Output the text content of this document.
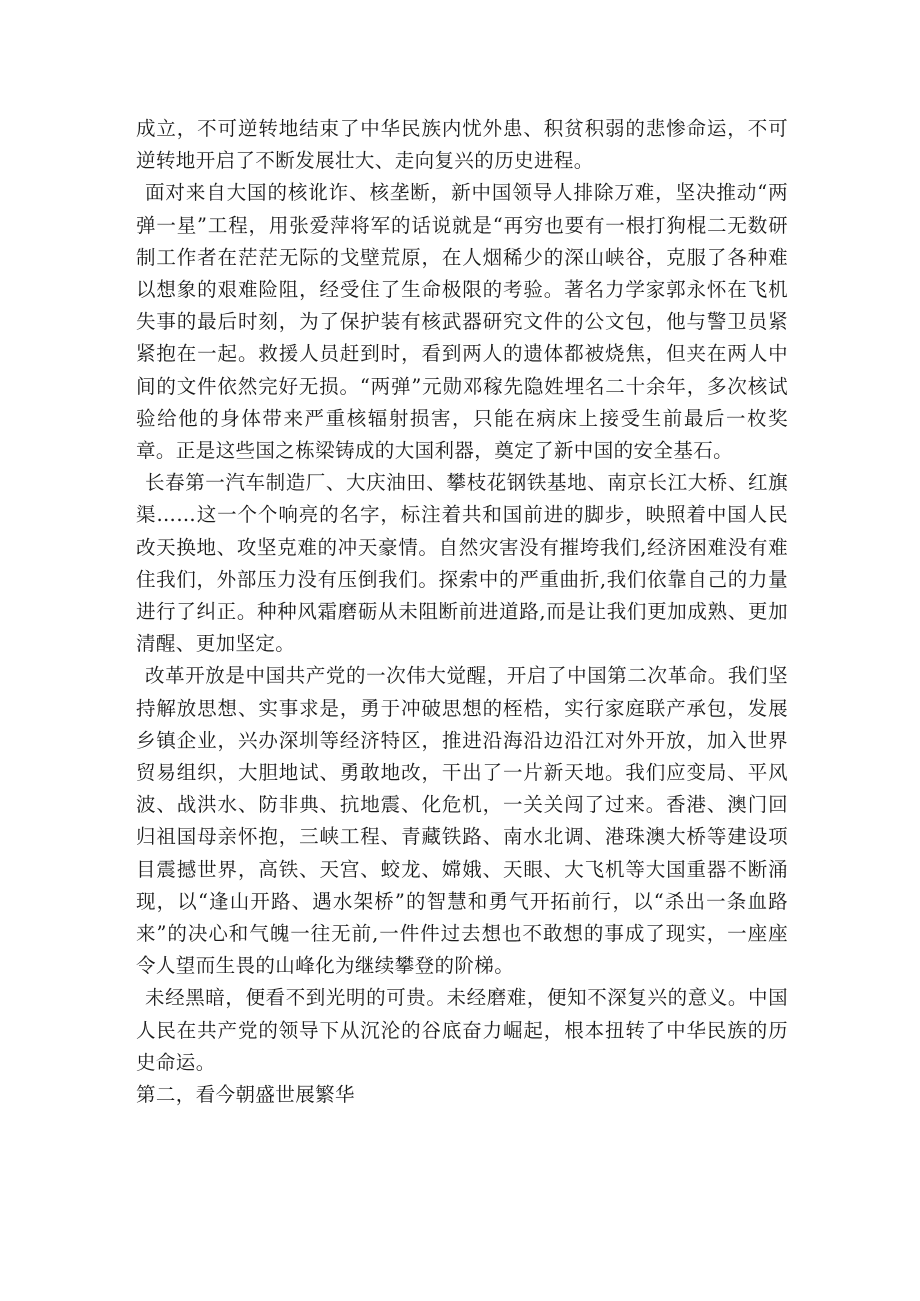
成立，不可逆转地结束了中华民族内忧外患、积贫积弱的悲惨命运，不可逆转地开启了不断发展壮大、走向复兴的历史进程。

面对来自大国的核讹诈、核垄断，新中国领导人排除万难，坚决推动“两弹一星”工程，用张爱萍将军的话说就是“再穷也要有一根打狗棍二无数研制工作者在茫茫无际的戈壁荒原，在人烟稀少的深山峡谷，克服了各种难以想象的艰难险阻，经受住了生命极限的考验。著名力学家郭永怀在飞机失事的最后时刻，为了保护装有核武器研究文件的公文包，他与警卫员紧紧抱在一起。救援人员赶到时，看到两人的遗体都被烧焦，但夹在两人中间的文件依然完好无损。“两弹”元勋邓稼先隐姓埋名二十余年，多次核试验给他的身体带来严重核辐射损害，只能在病床上接受生前最后一枚奖章。正是这些国之栋梁铸成的大国利器，奠定了新中国的安全基石。

长春第一汽车制造厂、大庆油田、攀枝花钢铁基地、南京长江大桥、红旗渠……这一个个响亮的名字，标注着共和国前进的脚步，映照着中国人民改天换地、攻坚克难的冲天豪情。自然灾害没有摧垮我们,经济困难没有难住我们，外部压力没有压倒我们。探索中的严重曲折,我们依靠自己的力量进行了纠正。种种风霜磨砺从未阻断前进道路,而是让我们更加成熟、更加清醒、更加坚定。

改革开放是中国共产党的一次伟大觉醒，开启了中国第二次革命。我们坚持解放思想、实事求是，勇于冲破思想的桎梏，实行家庭联产承包，发展乡镇企业，兴办深圳等经济特区，推进沿海沿边沿江对外开放，加入世界贸易组织，大胆地试、勇敢地改，干出了一片新天地。我们应变局、平风波、战洪水、防非典、抗地震、化危机，一关关闯了过来。香港、澳门回归祖国母亲怀抱，三峡工程、青藏铁路、南水北调、港珠澳大桥等建设项目震撼世界，高铁、天宫、蛟龙、嫦娥、天眼、大飞机等大国重器不断涌现，以“逢山开路、遇水架桥”的智慧和勇气开拓前行，以“杀出一条血路来”的决心和气魄一往无前,一件件过去想也不敢想的事成了现实，一座座令人望而生畏的山峰化为继续攀登的阶梯。

未经黑暗，便看不到光明的可贵。未经磨难，便知不深复兴的意义。中国人民在共产党的领导下从沉沦的谷底奋力崛起，根本扭转了中华民族的历史命运。

第二，看今朝盛世展繁华
